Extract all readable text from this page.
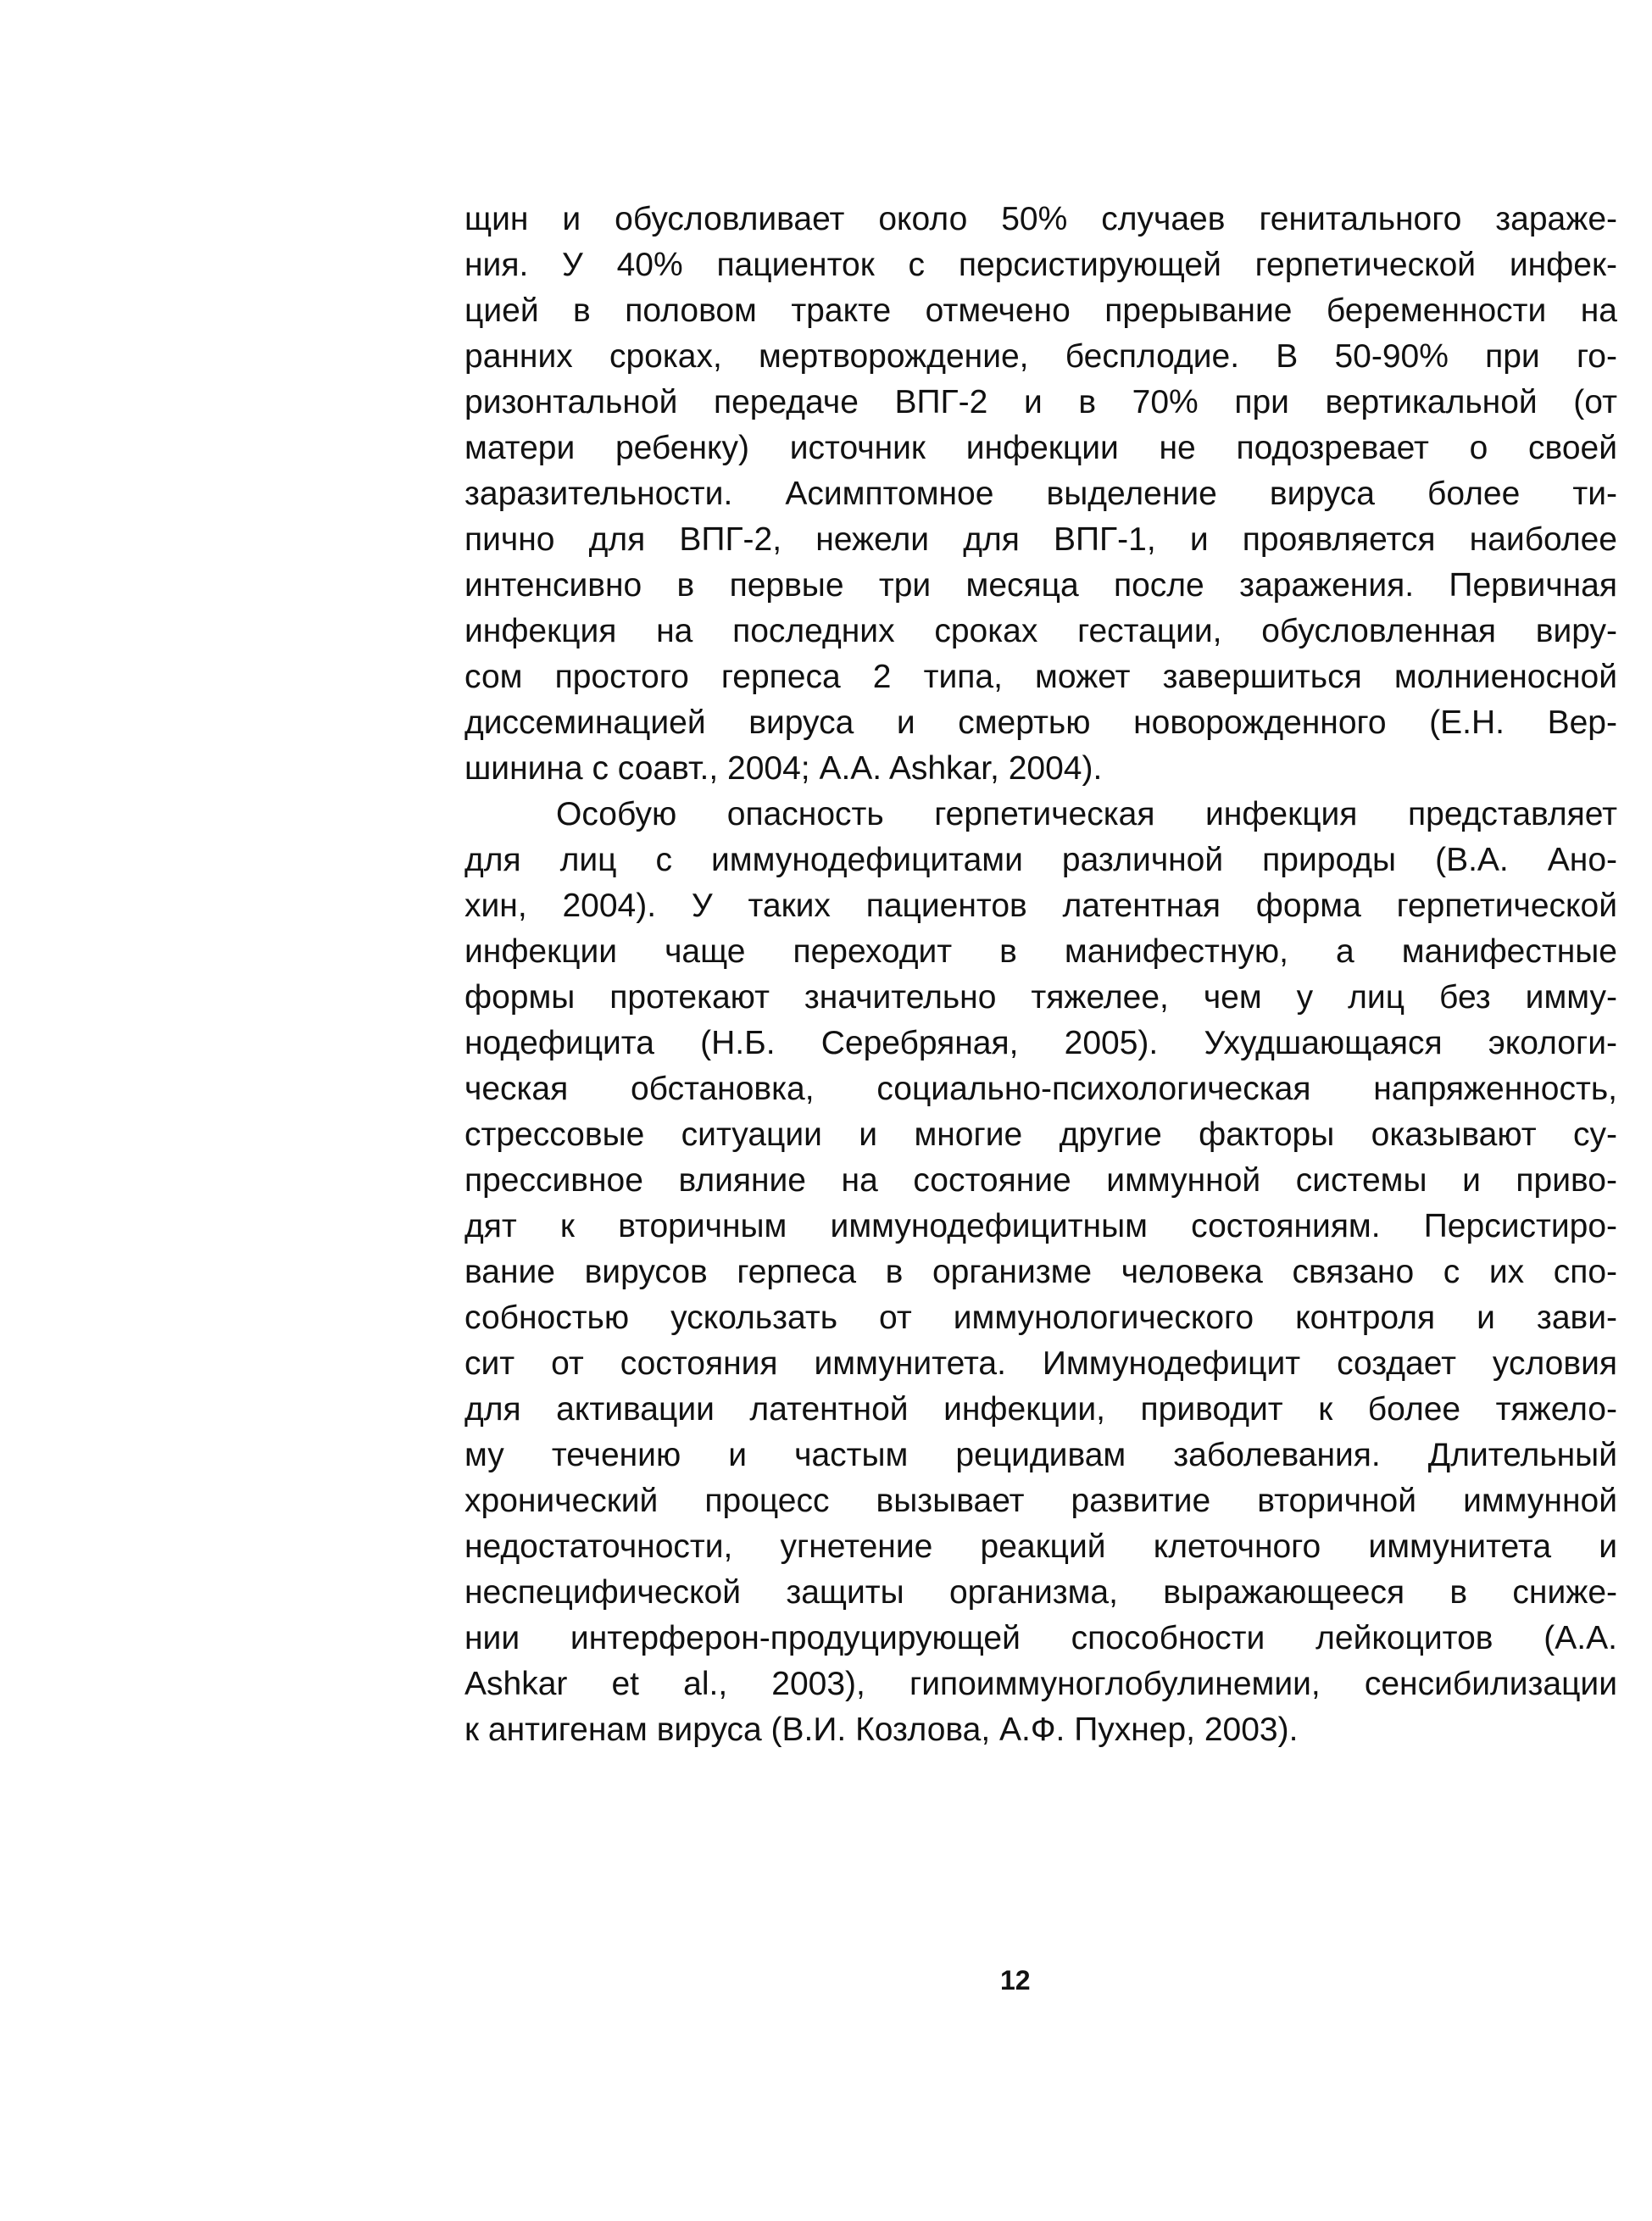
щин и обусловливает около 50% случаев генитального зараже-
ния. У 40% пациенток с персистирующей герпетической инфек-
цией в половом тракте отмечено прерывание беременности на
ранних сроках, мертворождение, бесплодие. В 50-90% при го-
ризонтальной передаче ВПГ-2 и в 70% при вертикальной (от
матери ребенку) источник инфекции не подозревает о своей
заразительности. Асимптомное выделение вируса более ти-
пично для ВПГ-2, нежели для ВПГ-1, и проявляется наиболее
интенсивно в первые три месяца после заражения. Первичная
инфекция на последних сроках гестации, обусловленная виру-
сом простого герпеса 2 типа, может завершиться молниеносной
диссеминацией вируса и смертью новорожденного (Е.Н. Вер-
шинина с соавт., 2004; A.A. Ashkar, 2004).
Особую опасность герпетическая инфекция представляет
для лиц с иммунодефицитами различной природы (В.А. Ано-
хин, 2004). У таких пациентов латентная форма герпетической
инфекции чаще переходит в манифестную, а манифестные
формы протекают значительно тяжелее, чем у лиц без имму-
нодефицита (Н.Б. Серебряная, 2005). Ухудшающаяся экологи-
ческая обстановка, социально-психологическая напряженность,
стрессовые ситуации и многие другие факторы оказывают су-
прессивное влияние на состояние иммунной системы и приво-
дят к вторичным иммунодефицитным состояниям. Персистиро-
вание вирусов герпеса в организме человека связано с их спо-
собностью ускользать от иммунологического контроля и зави-
сит от состояния иммунитета. Иммунодефицит создает условия
для активации латентной инфекции, приводит к более тяжело-
му течению и частым рецидивам заболевания. Длительный
хронический процесс вызывает развитие вторичной иммунной
недостаточности, угнетение реакций клеточного иммунитета и
неспецифической защиты организма, выражающееся в сниже-
нии интерферон-продуцирующей способности лейкоцитов (A.A.
Ashkar et al., 2003), гипоиммуноглобулинемии, сенсибилизации
к антигенам вируса (В.И. Козлова, А.Ф. Пухнер, 2003).
12
